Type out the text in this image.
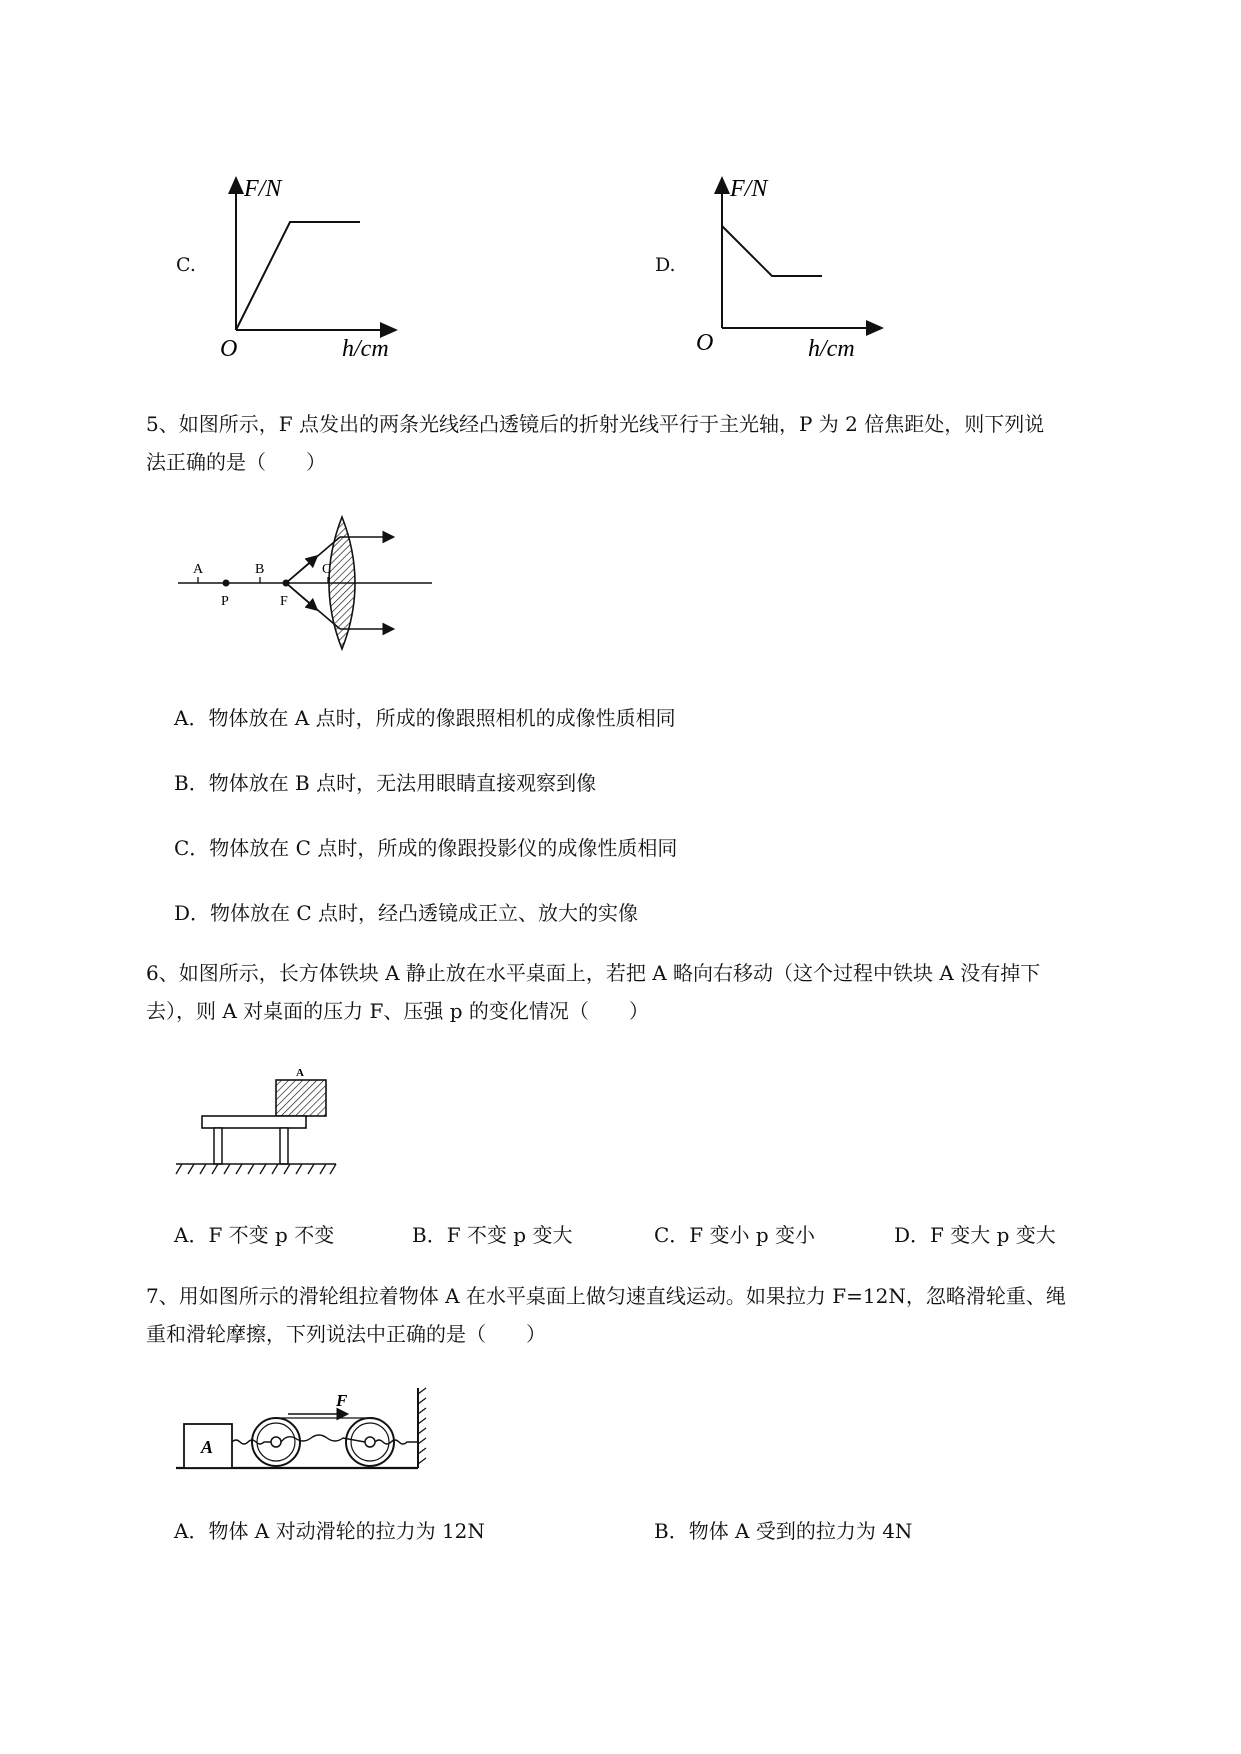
C.
F/N
h/cm
O
D.
F/N
h/cm
O
5、如图所示，F 点发出的两条光线经凸透镜后的折射光线平行于主光轴，P 为 2 倍焦距处，则下列说
法正确的是（　　）
A	B	C
P	F
A．物体放在 A 点时，所成的像跟照相机的成像性质相同
B．物体放在 B 点时，无法用眼睛直接观察到像
C．物体放在 C 点时，所成的像跟投影仪的成像性质相同
D．物体放在 C 点时，经凸透镜成正立、放大的实像
6、如图所示，长方体铁块 A 静止放在水平桌面上，若把 A 略向右移动（这个过程中铁块 A 没有掉下
去），则 A 对桌面的压力 F、压强 p 的变化情况（　　）
A
A．F 不变 p 不变	B．F 不变 p 变大	C．F 变小 p 变小	D．F 变大 p 变大
7、用如图所示的滑轮组拉着物体 A 在水平桌面上做匀速直线运动。如果拉力 F=12N，忽略滑轮重、绳
重和滑轮摩擦，下列说法中正确的是（　　）
A
F
A．物体 A 对动滑轮的拉力为 12N	B．物体 A 受到的拉力为 4N
